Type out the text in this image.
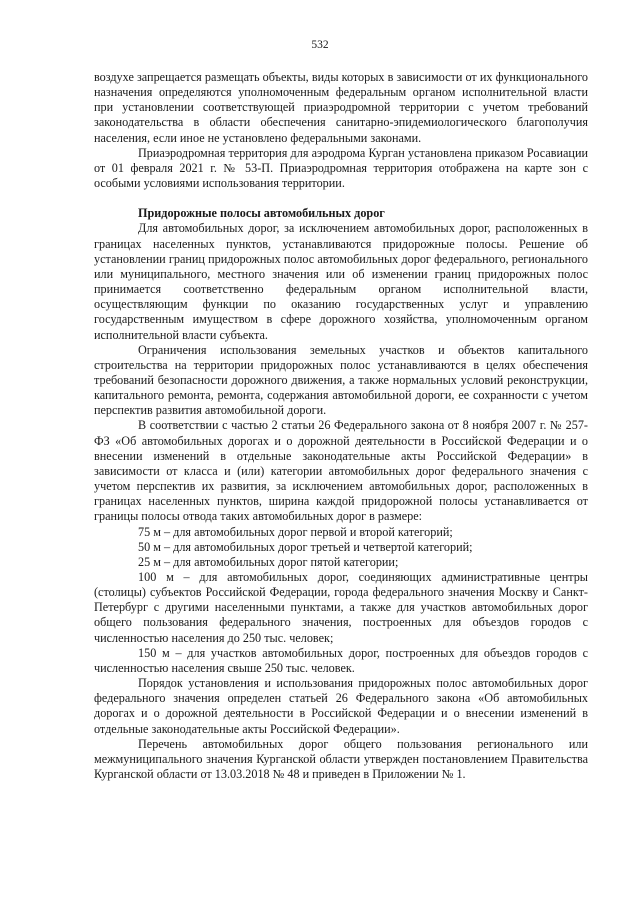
532

воздухе запрещается размещать объекты, виды которых в зависимости от их функционального назначения определяются уполномоченным федеральным органом исполнительной власти при установлении соответствующей приаэродромной территории с учетом требований законодательства в области обеспечения санитарно-эпидемиологического благополучия населения, если иное не установлено федеральными законами.

Приаэродромная территория для аэродрома Курган установлена приказом Росавиации от 01 февраля 2021 г. № 53-П. Приаэродромная территория отображена на карте зон с особыми условиями использования территории.

Придорожные полосы автомобильных дорог

Для автомобильных дорог, за исключением автомобильных дорог, расположенных в границах населенных пунктов, устанавливаются придорожные полосы. Решение об установлении границ придорожных полос автомобильных дорог федерального, регионального или муниципального, местного значения или об изменении границ придорожных полос принимается соответственно федеральным органом исполнительной власти, осуществляющим функции по оказанию государственных услуг и управлению государственным имуществом в сфере дорожного хозяйства, уполномоченным органом исполнительной власти субъекта.

Ограничения использования земельных участков и объектов капитального строительства на территории придорожных полос устанавливаются в целях обеспечения требований безопасности дорожного движения, а также нормальных условий реконструкции, капитального ремонта, ремонта, содержания автомобильной дороги, ее сохранности с учетом перспектив развития автомобильной дороги.

В соответствии с частью 2 статьи 26 Федерального закона от 8 ноября 2007 г. № 257-ФЗ «Об автомобильных дорогах и о дорожной деятельности в Российской Федерации и о внесении изменений в отдельные законодательные акты Российской Федерации» в зависимости от класса и (или) категории автомобильных дорог федерального значения с учетом перспектив их развития, за исключением автомобильных дорог, расположенных в границах населенных пунктов, ширина каждой придорожной полосы устанавливается от границы полосы отвода таких автомобильных дорог в размере:

75 м – для автомобильных дорог первой и второй категорий;

50 м – для автомобильных дорог третьей и четвертой категорий;

25 м – для автомобильных дорог пятой категории;

100 м – для автомобильных дорог, соединяющих административные центры (столицы) субъектов Российской Федерации, города федерального значения Москву и Санкт-Петербург с другими населенными пунктами, а также для участков автомобильных дорог общего пользования федерального значения, построенных для объездов городов с численностью населения до 250 тыс. человек;

150 м – для участков автомобильных дорог, построенных для объездов городов с численностью населения свыше 250 тыс. человек.

Порядок установления и использования придорожных полос автомобильных дорог федерального значения определен статьей 26 Федерального закона «Об автомобильных дорогах и о дорожной деятельности в Российской Федерации и о внесении изменений в отдельные законодательные акты Российской Федерации».

Перечень автомобильных дорог общего пользования регионального или межмуниципального значения Курганской области утвержден постановлением Правительства Курганской области от 13.03.2018 № 48 и приведен в Приложении № 1.
